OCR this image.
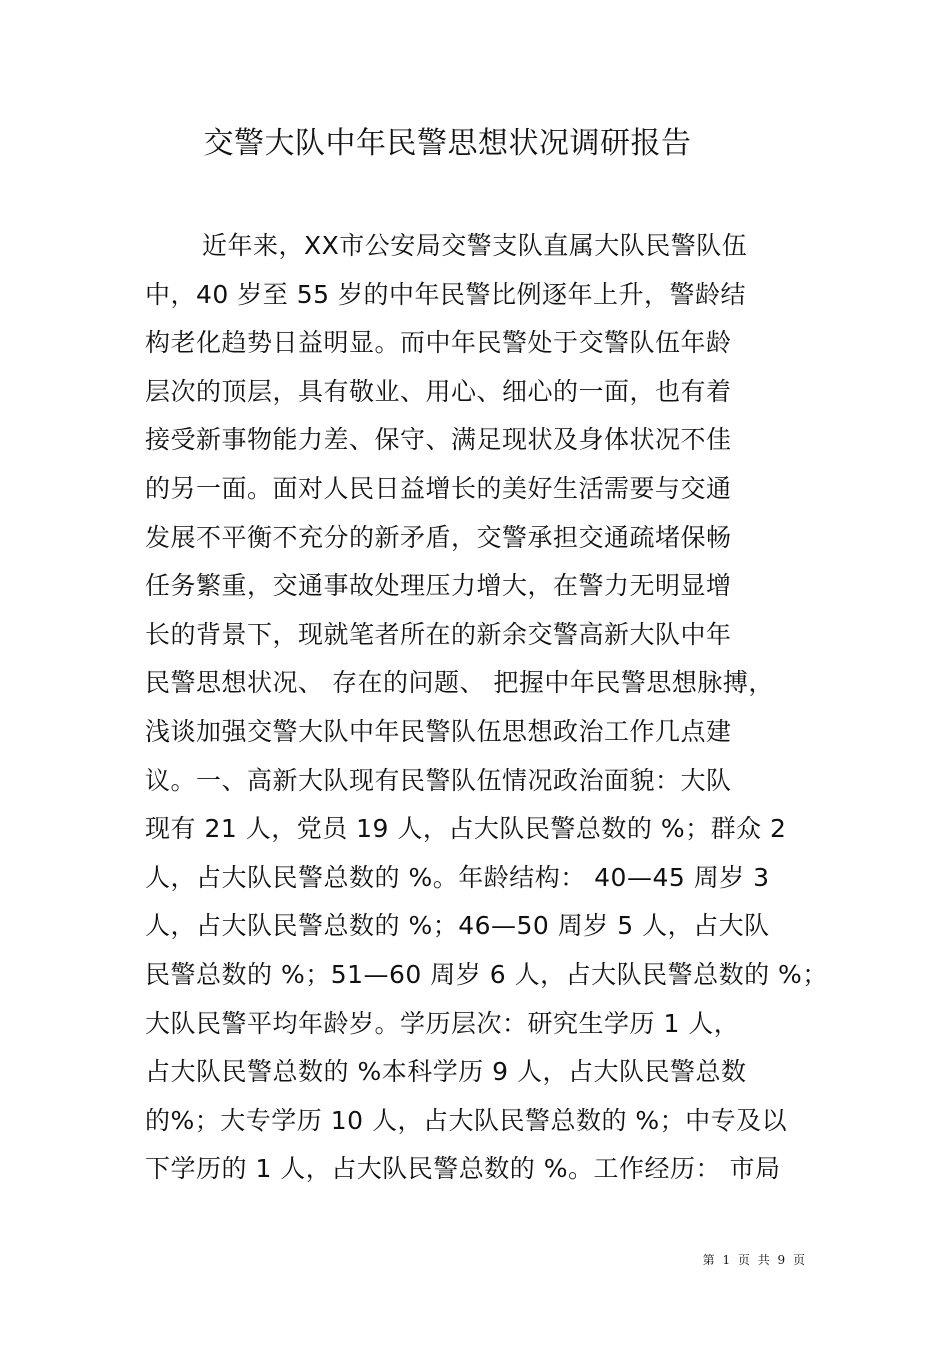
交警大队中年民警思想状况调研报告
近年来，XX市公安局交警支队直属大队民警队伍
中，40 岁至 55 岁的中年民警比例逐年上升，警龄结
构老化趋势日益明显。而中年民警处于交警队伍年龄
层次的顶层，具有敬业、用心、细心的一面，也有着
接受新事物能力差、保守、满足现状及身体状况不佳
的另一面。面对人民日益增长的美好生活需要与交通
发展不平衡不充分的新矛盾，交警承担交通疏堵保畅
任务繁重，交通事故处理压力增大，在警力无明显增
长的背景下，现就笔者所在的新余交警高新大队中年
民警思想状况、 存在的问题、 把握中年民警思想脉搏，
浅谈加强交警大队中年民警队伍思想政治工作几点建
议。一、高新大队现有民警队伍情况政治面貌：大队
现有 21 人，党员 19 人，占大队民警总数的 %；群众 2
人，占大队民警总数的 %。年龄结构： 40—45 周岁 3
人，占大队民警总数的 %；46—50 周岁 5 人，占大队
民警总数的 %；51—60 周岁 6 人，占大队民警总数的 %；
大队民警平均年龄岁。学历层次：研究生学历 1 人，
占大队民警总数的 %本科学历 9 人，占大队民警总数
的%；大专学历 10 人，占大队民警总数的 %；中专及以
下学历的 1 人，占大队民警总数的 %。工作经历： 市局
第 1 页 共 9 页
